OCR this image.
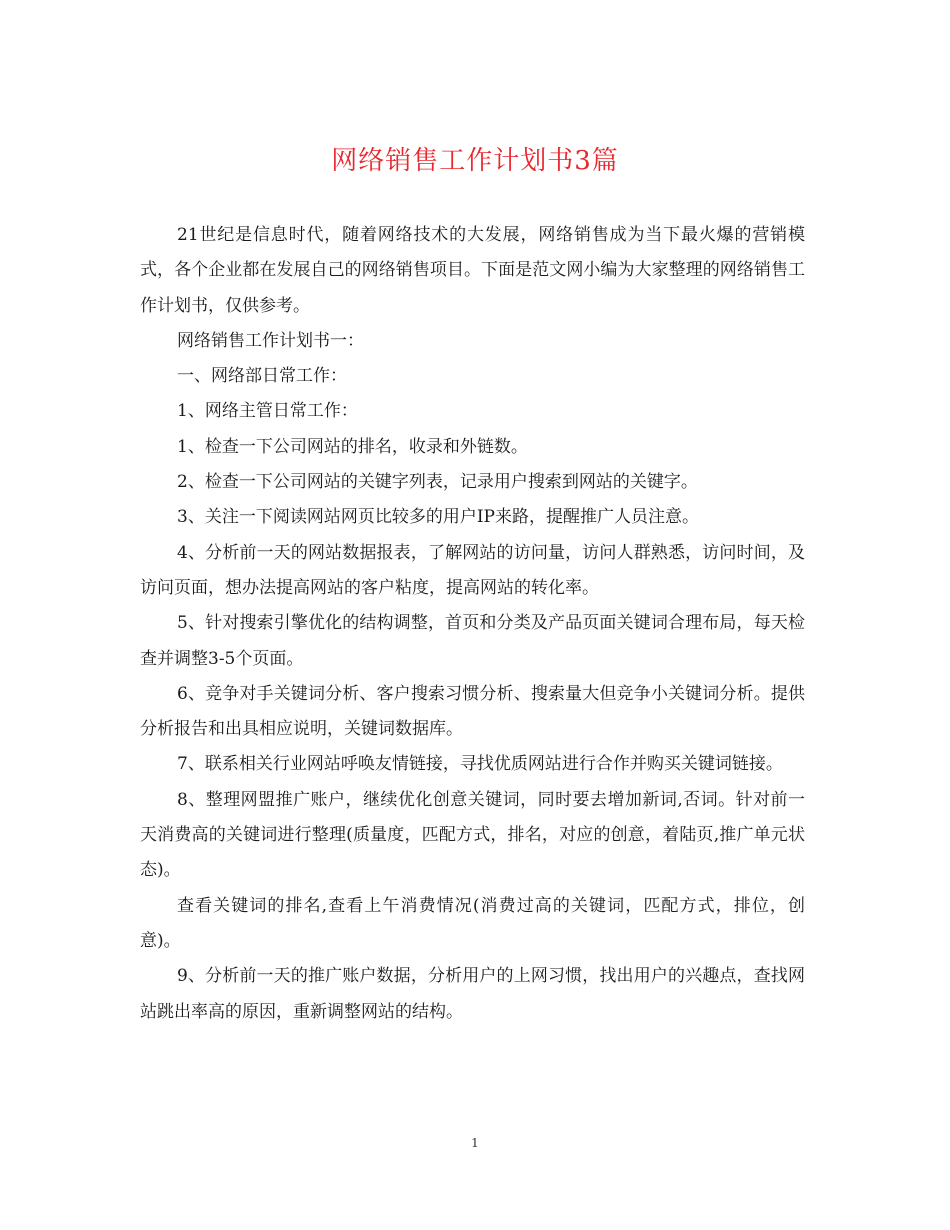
网络销售工作计划书3篇

21世纪是信息时代，随着网络技术的大发展，网络销售成为当下最火爆的营销模式，各个企业都在发展自己的网络销售项目。下面是范文网小编为大家整理的网络销售工作计划书，仅供参考。

网络销售工作计划书一：

一、网络部日常工作：

1、网络主管日常工作：

1、检查一下公司网站的排名，收录和外链数。

2、检查一下公司网站的关键字列表，记录用户搜索到网站的关键字。

3、关注一下阅读网站网页比较多的用户IP来路，提醒推广人员注意。

4、分析前一天的网站数据报表，了解网站的访问量，访问人群熟悉，访问时间，及访问页面，想办法提高网站的客户粘度，提高网站的转化率。

5、针对搜索引擎优化的结构调整，首页和分类及产品页面关键词合理布局，每天检查并调整3-5个页面。

6、竞争对手关键词分析、客户搜索习惯分析、搜索量大但竞争小关键词分析。提供分析报告和出具相应说明，关键词数据库。

7、联系相关行业网站呼唤友情链接，寻找优质网站进行合作并购买关键词链接。

8、整理网盟推广账户，继续优化创意关键词，同时要去增加新词,否词。针对前一天消费高的关键词进行整理(质量度，匹配方式，排名，对应的创意，着陆页,推广单元状态)。

查看关键词的排名,查看上午消费情况(消费过高的关键词，匹配方式，排位，创意)。

9、分析前一天的推广账户数据，分析用户的上网习惯，找出用户的兴趣点，查找网站跳出率高的原因，重新调整网站的结构。

1
